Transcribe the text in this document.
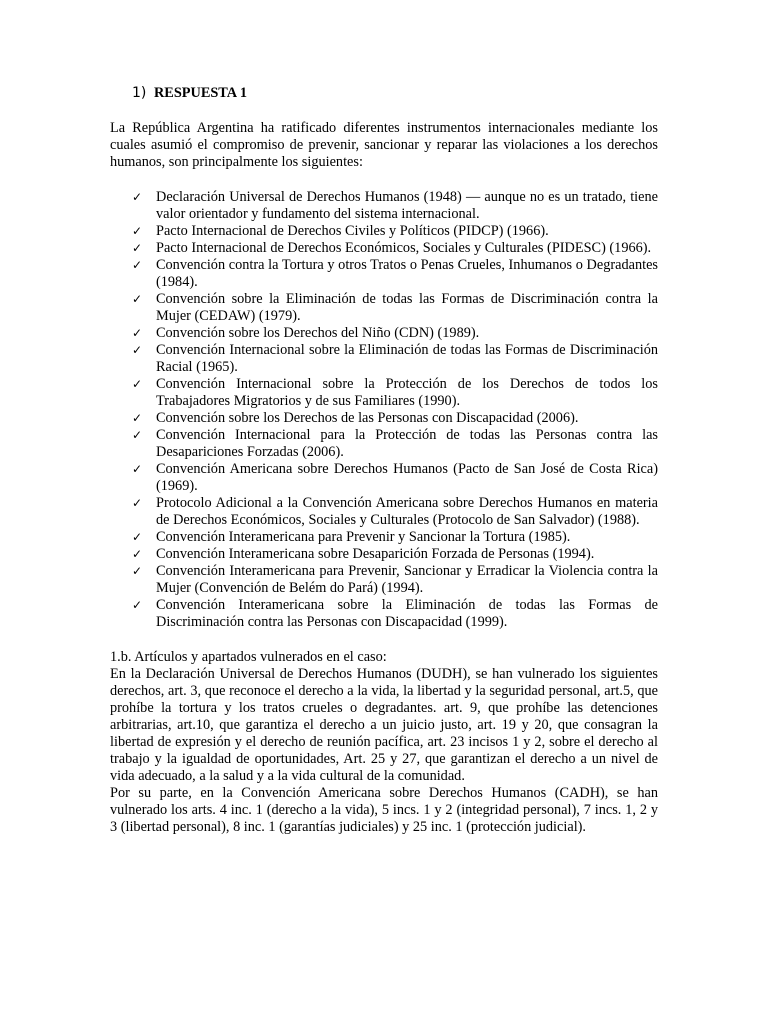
1) RESPUESTA 1

La República Argentina ha ratificado diferentes instrumentos internacionales mediante los cuales asumió el compromiso de prevenir, sancionar y reparar las violaciones a los derechos humanos, son principalmente los siguientes:

✓ Declaración Universal de Derechos Humanos (1948) — aunque no es un tratado, tiene valor orientador y fundamento del sistema internacional.
✓ Pacto Internacional de Derechos Civiles y Políticos (PIDCP) (1966).
✓ Pacto Internacional de Derechos Económicos, Sociales y Culturales (PIDESC) (1966).
✓ Convención contra la Tortura y otros Tratos o Penas Crueles, Inhumanos o Degradantes (1984).
✓ Convención sobre la Eliminación de todas las Formas de Discriminación contra la Mujer (CEDAW) (1979).
✓ Convención sobre los Derechos del Niño (CDN) (1989).
✓ Convención Internacional sobre la Eliminación de todas las Formas de Discriminación Racial (1965).
✓ Convención Internacional sobre la Protección de los Derechos de todos los Trabajadores Migratorios y de sus Familiares (1990).
✓ Convención sobre los Derechos de las Personas con Discapacidad (2006).
✓ Convención Internacional para la Protección de todas las Personas contra las Desapariciones Forzadas (2006).
✓ Convención Americana sobre Derechos Humanos (Pacto de San José de Costa Rica) (1969).
✓ Protocolo Adicional a la Convención Americana sobre Derechos Humanos en materia de Derechos Económicos, Sociales y Culturales (Protocolo de San Salvador) (1988).
✓ Convención Interamericana para Prevenir y Sancionar la Tortura (1985).
✓ Convención Interamericana sobre Desaparición Forzada de Personas (1994).
✓ Convención Interamericana para Prevenir, Sancionar y Erradicar la Violencia contra la Mujer (Convención de Belém do Pará) (1994).
✓ Convención Interamericana sobre la Eliminación de todas las Formas de Discriminación contra las Personas con Discapacidad (1999).

1.b. Artículos y apartados vulnerados en el caso:

En la Declaración Universal de Derechos Humanos (DUDH), se han vulnerado los siguientes derechos, art. 3, que reconoce el derecho a la vida, la libertad y la seguridad personal, art.5, que prohíbe la tortura y los tratos crueles o degradantes. art. 9, que prohíbe las detenciones arbitrarias, art.10, que garantiza el derecho a un juicio justo, art. 19 y 20, que consagran la libertad de expresión y el derecho de reunión pacífica, art. 23 incisos 1 y 2, sobre el derecho al trabajo y la igualdad de oportunidades, Art. 25 y 27, que garantizan el derecho a un nivel de vida adecuado, a la salud y a la vida cultural de la comunidad.

Por su parte, en la Convención Americana sobre Derechos Humanos (CADH), se han vulnerado los arts. 4 inc. 1 (derecho a la vida), 5 incs. 1 y 2 (integridad personal), 7 incs. 1, 2 y 3 (libertad personal), 8 inc. 1 (garantías judiciales) y 25 inc. 1 (protección judicial).
